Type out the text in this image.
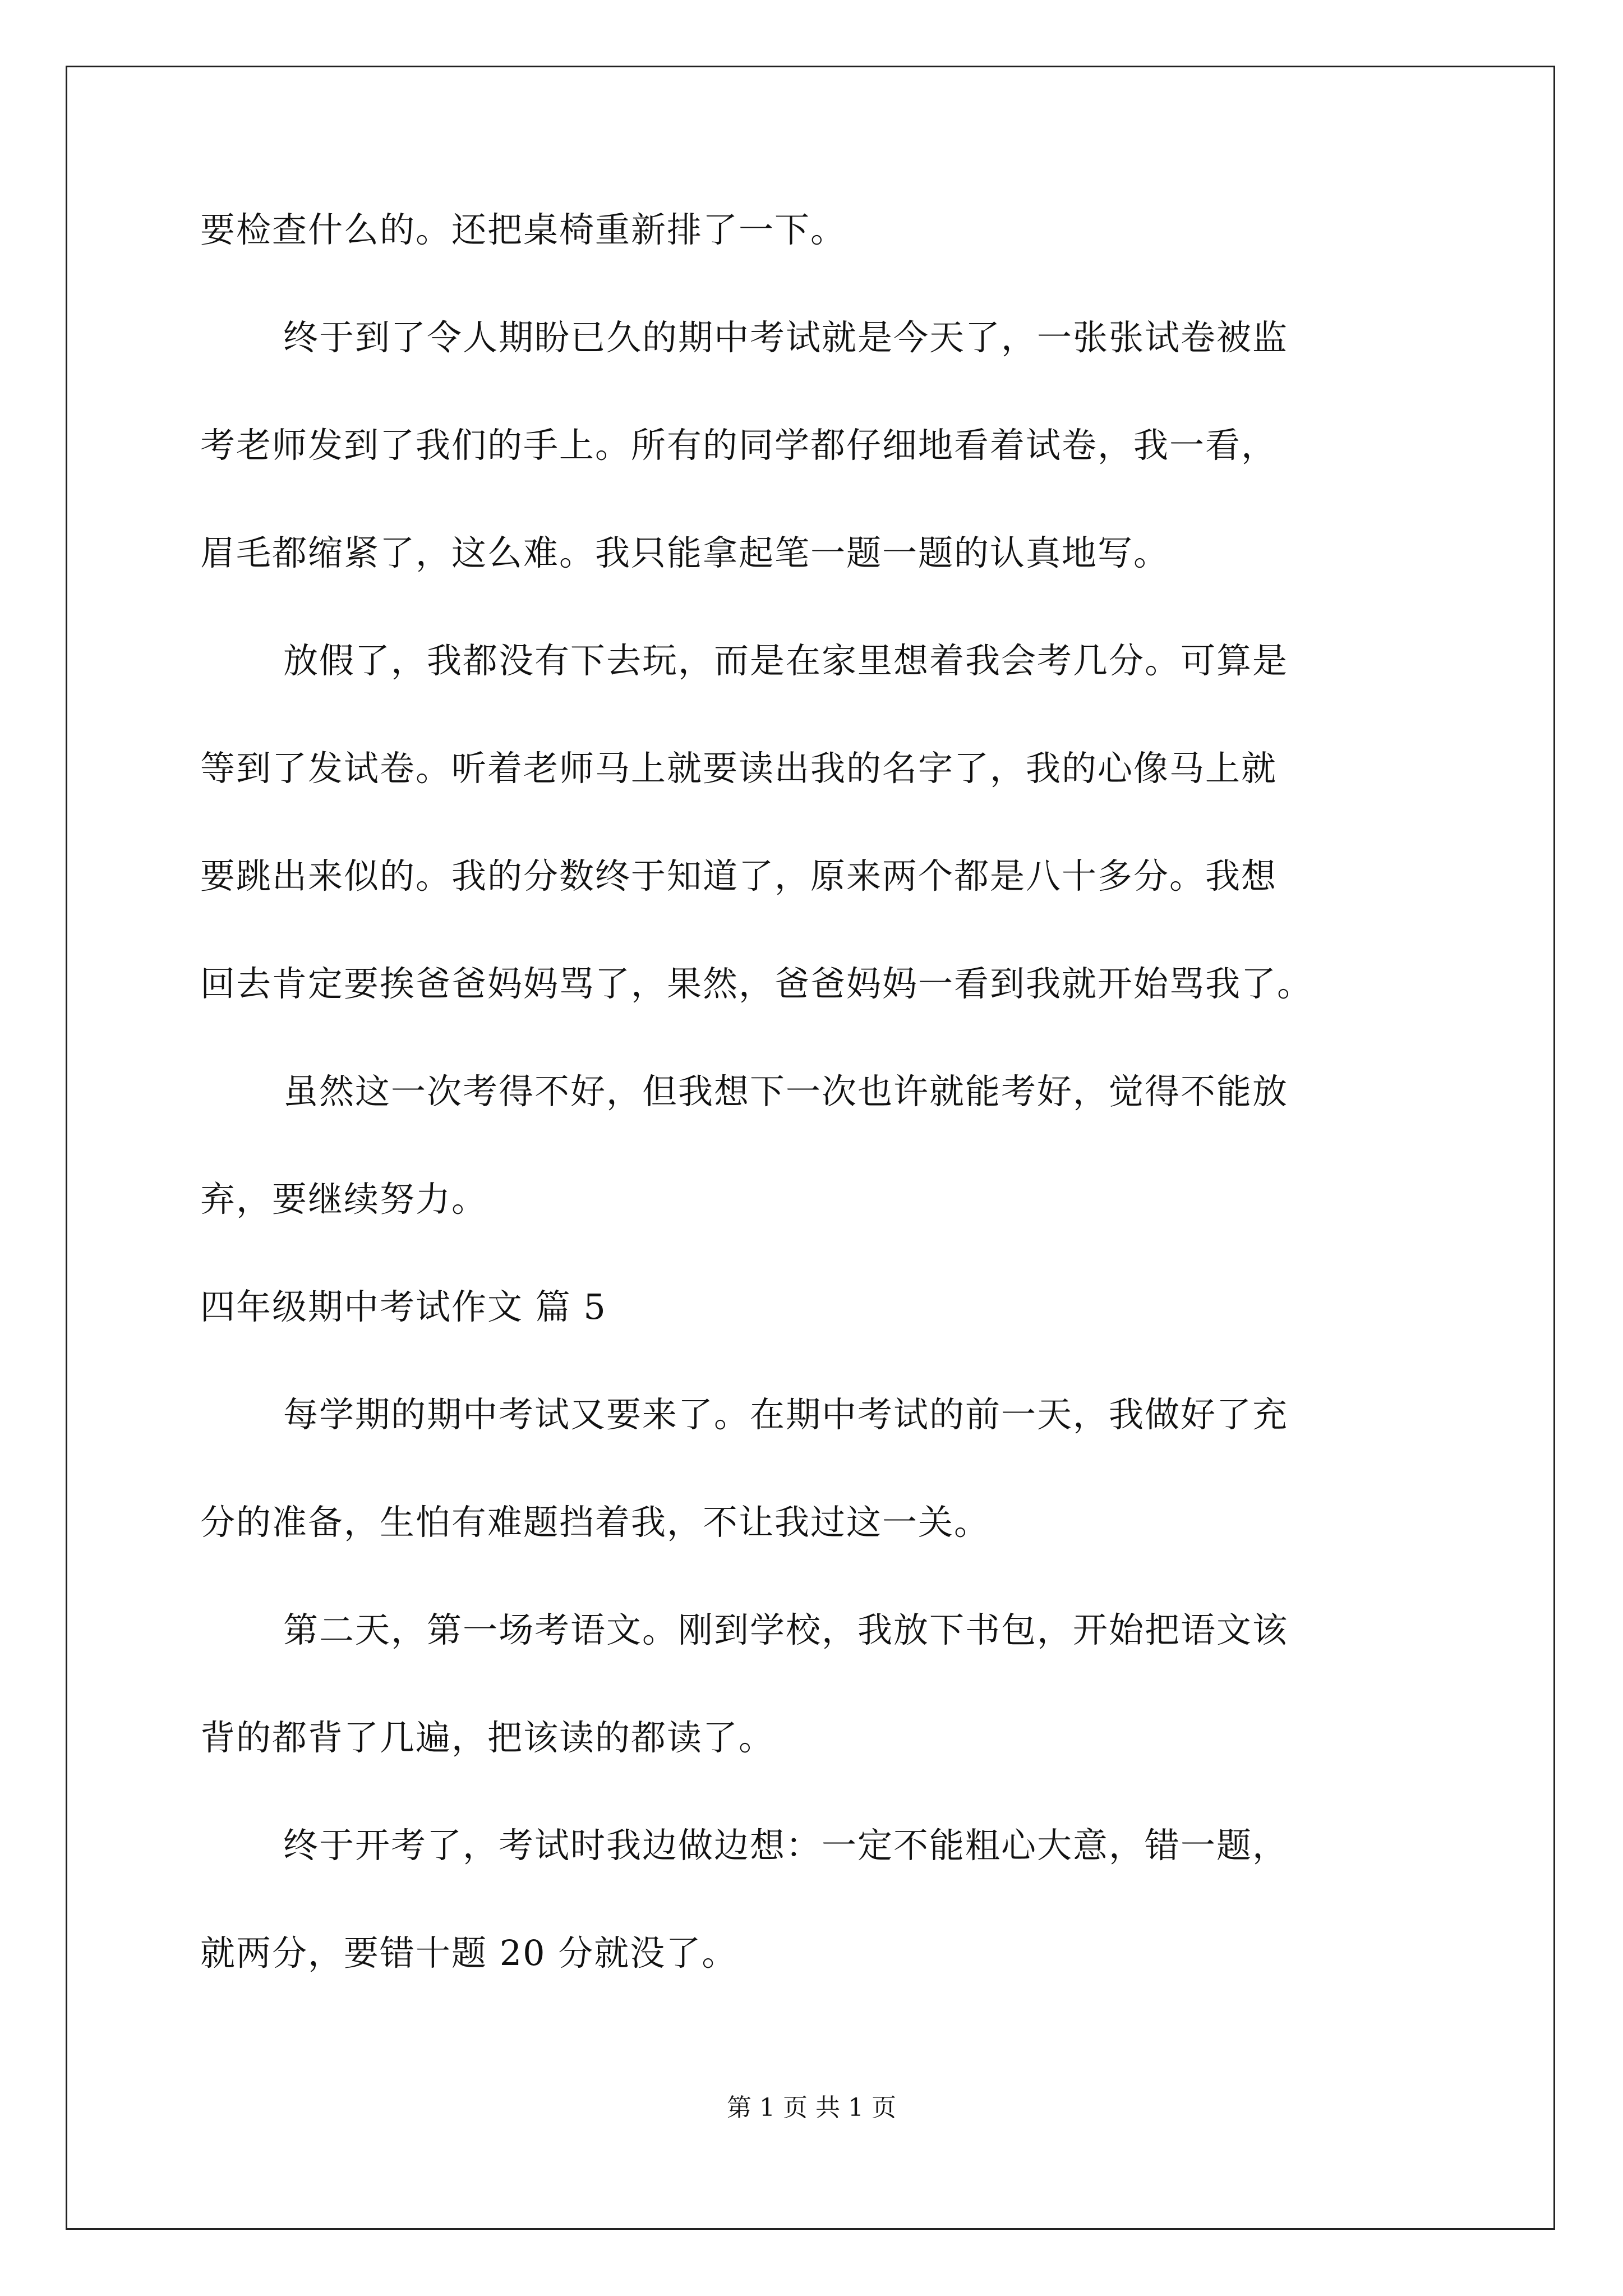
要检查什么的。还把桌椅重新排了一下。
终于到了令人期盼已久的期中考试就是今天了，一张张试卷被监
考老师发到了我们的手上。所有的同学都仔细地看着试卷，我一看，
眉毛都缩紧了，这么难。我只能拿起笔一题一题的认真地写。
放假了，我都没有下去玩，而是在家里想着我会考几分。可算是
等到了发试卷。听着老师马上就要读出我的名字了，我的心像马上就
要跳出来似的。我的分数终于知道了，原来两个都是八十多分。我想
回去肯定要挨爸爸妈妈骂了，果然，爸爸妈妈一看到我就开始骂我了。
虽然这一次考得不好，但我想下一次也许就能考好，觉得不能放
弃，要继续努力。
四年级期中考试作文 篇 5
每学期的期中考试又要来了。在期中考试的前一天，我做好了充
分的准备，生怕有难题挡着我，不让我过这一关。
第二天，第一场考语文。刚到学校，我放下书包，开始把语文该
背的都背了几遍，把该读的都读了。
终于开考了，考试时我边做边想：一定不能粗心大意，错一题，
就两分，要错十题 20 分就没了。
第 1 页 共 1 页
